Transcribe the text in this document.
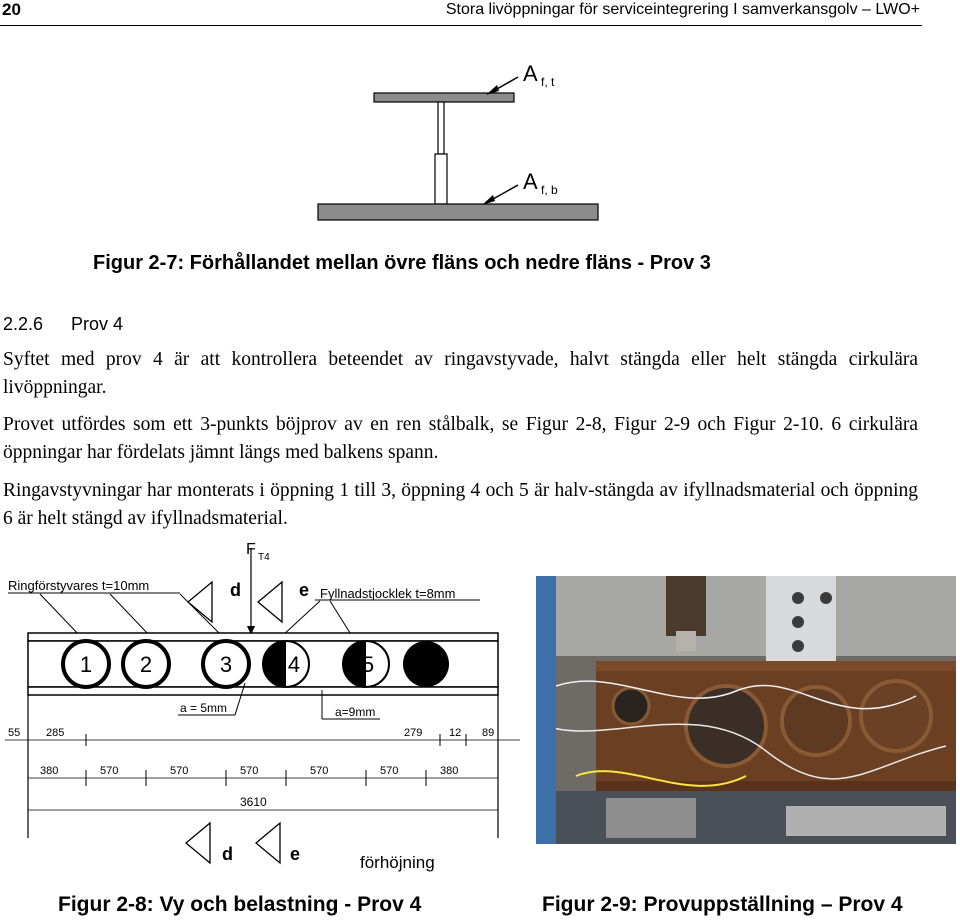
20	Stora livöppningar för serviceintegrering I samverkansgolv – LWO+
A f, t
A f, b
Figur 2-7: Förhållandet mellan övre fläns och nedre fläns - Prov 3
2.2.6 Prov 4
Syftet med prov 4 är att kontrollera beteendet av ringavstyvade, halvt stängda eller helt stängda cirkulära livöppningar.
Provet utfördes som ett 3-punkts böjprov av en ren stålbalk, se Figur 2-8, Figur 2-9 och Figur 2-10. 6 cirkulära öppningar har fördelats jämnt längs med balkens spann.
Ringavstyvningar har monterats i öppning 1 till 3, öppning 4 och 5 är halv-stängda av ifyllnadsmaterial och öppning 6 är helt stängd av ifyllnadsmaterial.
F T4
Ringförstyvares t=10mm
Fyllnadstjocklek t=8mm
d	e
1 2	3	4	5
a = 5mm	a=9mm
55 285	279 12 89
380	570	570	570	570	570	380
3610
d	e	förhöjning
Figur 2-8: Vy och belastning - Prov 4	Figur 2-9: Provuppställning – Prov 4
